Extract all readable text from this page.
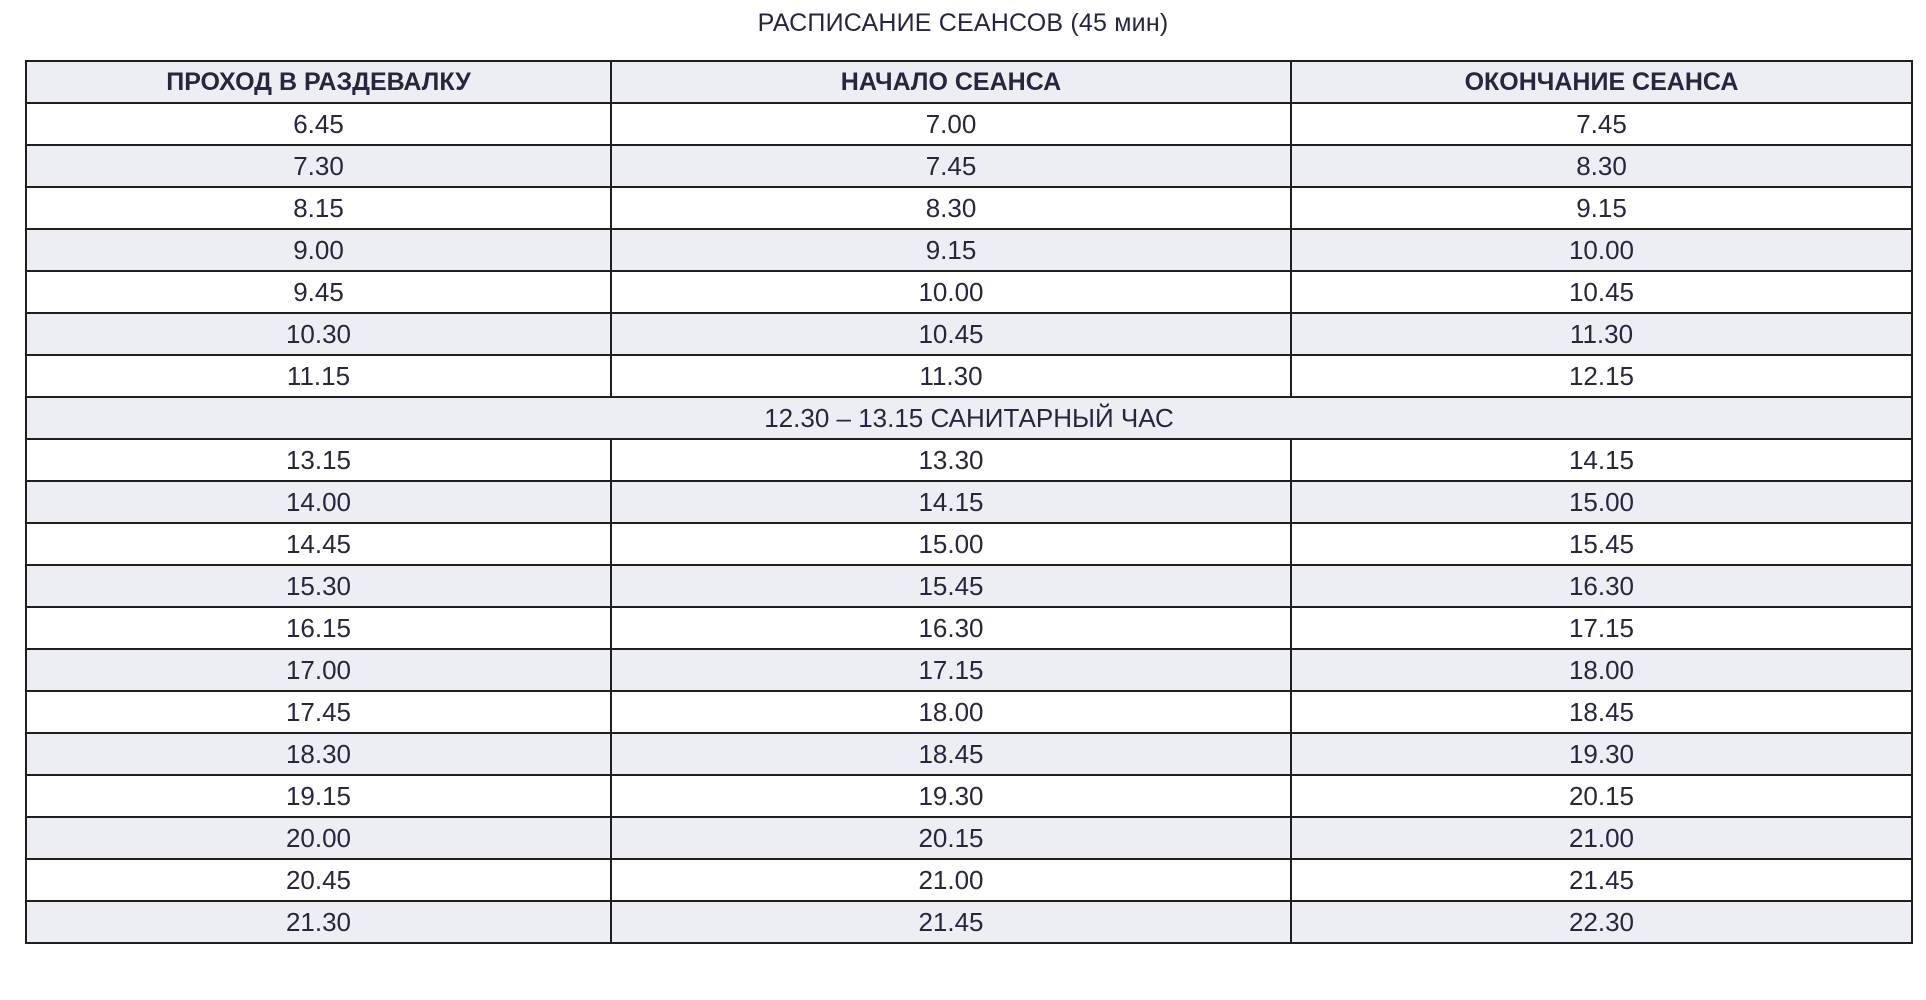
РАСПИСАНИЕ СЕАНСОВ (45 мин)
ПРОХОД В РАЗДЕВАЛКУ	НАЧАЛО СЕАНСА	ОКОНЧАНИЕ СЕАНСА
6.45	7.00	7.45
7.30	7.45	8.30
8.15	8.30	9.15
9.00	9.15	10.00
9.45	10.00	10.45
10.30	10.45	11.30
11.15	11.30	12.15
12.30 – 13.15 САНИТАРНЫЙ ЧАС		
13.15	13.30	14.15
14.00	14.15	15.00
14.45	15.00	15.45
15.30	15.45	16.30
16.15	16.30	17.15
17.00	17.15	18.00
17.45	18.00	18.45
18.30	18.45	19.30
19.15	19.30	20.15
20.00	20.15	21.00
20.45	21.00	21.45
21.30	21.45	22.30
